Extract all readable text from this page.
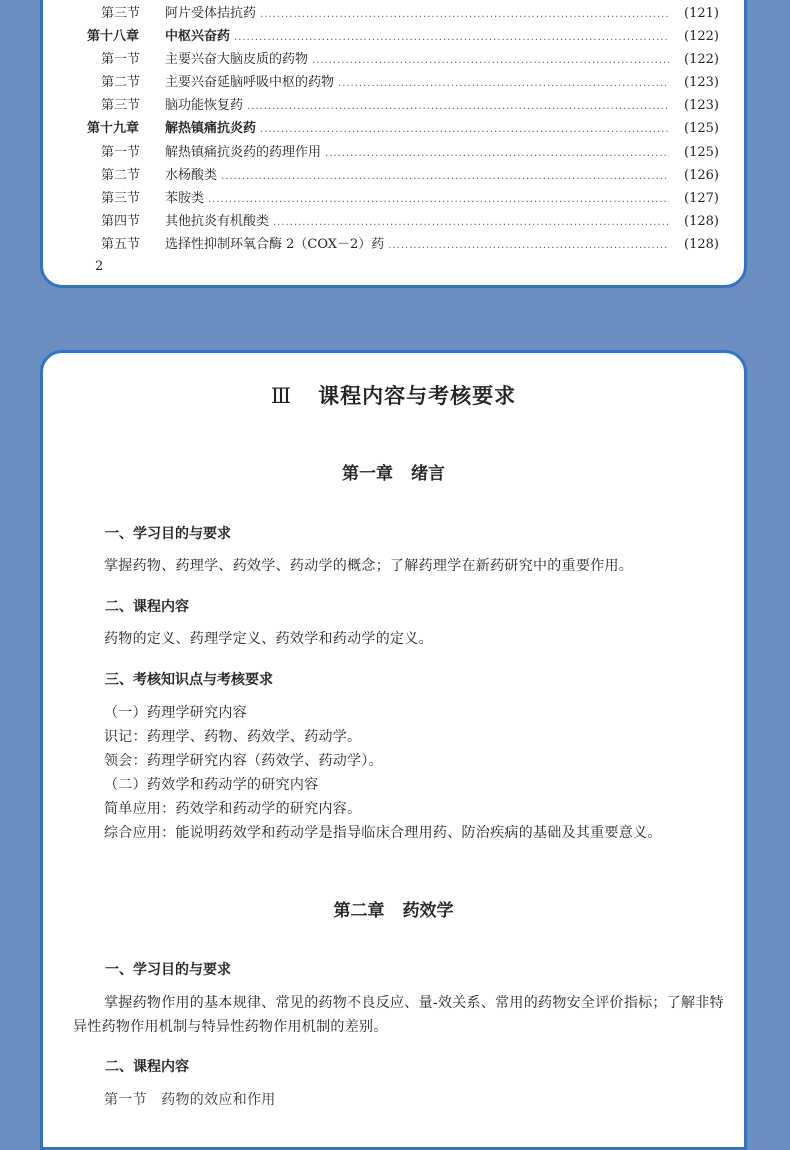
第三节	阿片受体拮抗药 .....	(121)
第十八章	中枢兴奋药 .....	(122)
第一节	主要兴奋大脑皮质的药物 .....	(122)
第二节	主要兴奋延脑呼吸中枢的药物 .....	(123)
第三节	脑功能恢复药 .....	(123)
第十九章	解热镇痛抗炎药 .....	(125)
第一节	解热镇痛抗炎药的药理作用 .....	(125)
第二节	水杨酸类 .....	(126)
第三节	苯胺类 .....	(127)
第四节	其他抗炎有机酸类 .....	(128)
第五节	选择性抑制环氧合酶 2（COX－2）药 .....	(128)
2
Ⅲ 课程内容与考核要求
第一章 绪言
一、学习目的与要求
掌握药物、药理学、药效学、药动学的概念；了解药理学在新药研究中的重要作用。
二、课程内容
药物的定义、药理学定义、药效学和药动学的定义。
三、考核知识点与考核要求
（一）药理学研究内容
识记：药理学、药物、药效学、药动学。
领会：药理学研究内容（药效学、药动学）。
（二）药效学和药动学的研究内容
简单应用：药效学和药动学的研究内容。
综合应用：能说明药效学和药动学是指导临床合理用药、防治疾病的基础及其重要意义。
第二章 药效学
一、学习目的与要求
掌握药物作用的基本规律、常见的药物不良反应、量-效关系、常用的药物安全评价指标；了解非特异性药物作用机制与特异性药物作用机制的差别。
二、课程内容
第一节　药物的效应和作用
